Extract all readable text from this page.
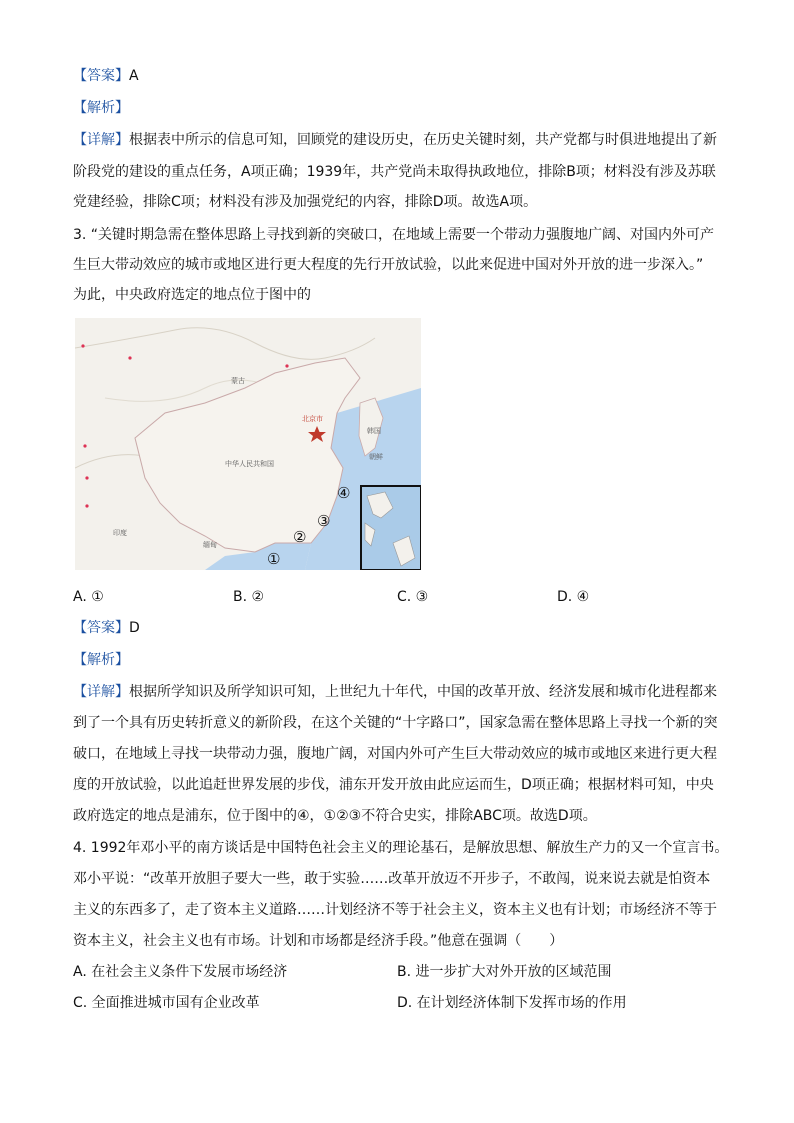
【答案】A
【解析】
【详解】根据表中所示的信息可知，回顾党的建设历史，在历史关键时刻，共产党都与时俱进地提出了新
阶段党的建设的重点任务，A项正确；1939年，共产党尚未取得执政地位，排除B项；材料没有涉及苏联
党建经验，排除C项；材料没有涉及加强党纪的内容，排除D项。故选A项。
3. “关键时期急需在整体思路上寻找到新的突破口，在地域上需要一个带动力强腹地广阔、对国内外可产
生巨大带动效应的城市或地区进行更大程度的先行开放试验，以此来促进中国对外开放的进一步深入。”
为此，中央政府选定的地点位于图中的
北京市
蒙古
中华人民共和国
印度
缅甸
韩国
朝鲜
①
②
③
④
A. ①	B. ②	C. ③	D. ④
【答案】D
【解析】
【详解】根据所学知识及所学知识可知，上世纪九十年代，中国的改革开放、经济发展和城市化进程都来
到了一个具有历史转折意义的新阶段，在这个关键的“十字路口”，国家急需在整体思路上寻找一个新的突
破口，在地域上寻找一块带动力强，腹地广阔，对国内外可产生巨大带动效应的城市或地区来进行更大程
度的开放试验，以此追赶世界发展的步伐，浦东开发开放由此应运而生，D项正确；根据材料可知，中央
政府选定的地点是浦东，位于图中的④，①②③不符合史实，排除ABC项。故选D项。
4. 1992年邓小平的南方谈话是中国特色社会主义的理论基石，是解放思想、解放生产力的又一个宣言书。
邓小平说：“改革开放胆子要大一些，敢于实验……改革开放迈不开步子，不敢闯，说来说去就是怕资本
主义的东西多了，走了资本主义道路……计划经济不等于社会主义，资本主义也有计划；市场经济不等于
资本主义，社会主义也有市场。计划和市场都是经济手段。”他意在强调（　　）
A. 在社会主义条件下发展市场经济	B. 进一步扩大对外开放的区域范围
C. 全面推进城市国有企业改革	D. 在计划经济体制下发挥市场的作用
